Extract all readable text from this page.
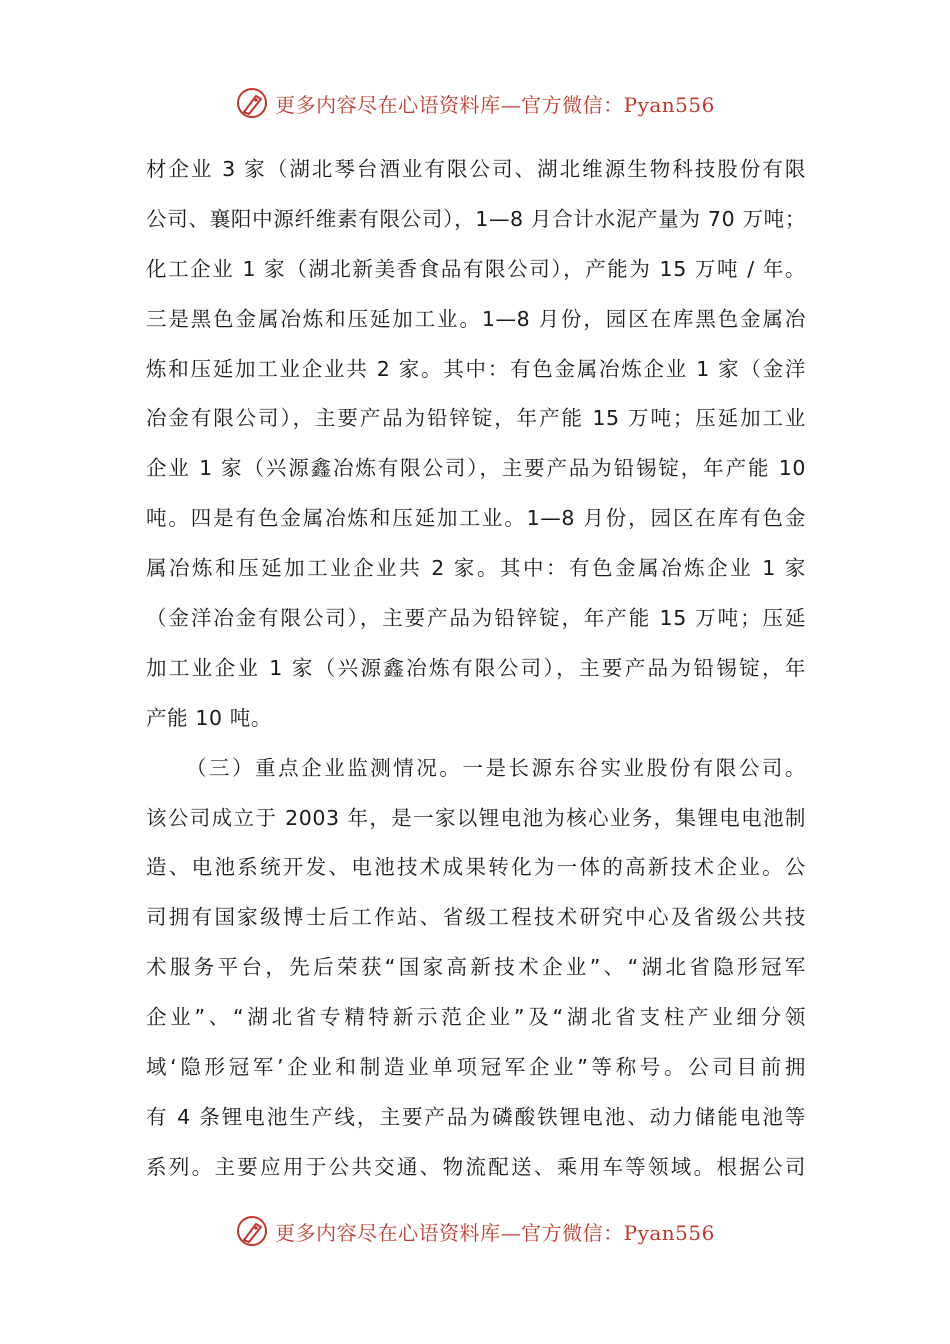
更多内容尽在心语资料库—官方微信：Pyan556
材企业 3 家（湖北琴台酒业有限公司、湖北维源生物科技股份有限
公司、襄阳中源纤维素有限公司），1—8 月合计水泥产量为 70 万吨；
化工企业 1 家（湖北新美香食品有限公司），产能为 15 万吨 / 年。
三是黑色金属冶炼和压延加工业。1—8 月份，园区在库黑色金属冶
炼和压延加工业企业共 2 家。其中：有色金属冶炼企业 1 家（金洋
冶金有限公司），主要产品为铅锌锭，年产能 15 万吨；压延加工业
企业 1 家（兴源鑫冶炼有限公司），主要产品为铅锡锭，年产能 10
吨。四是有色金属冶炼和压延加工业。1—8 月份，园区在库有色金
属冶炼和压延加工业企业共 2 家。其中：有色金属冶炼企业 1 家
（金洋冶金有限公司），主要产品为铅锌锭，年产能 15 万吨；压延
加工业企业 1 家（兴源鑫冶炼有限公司），主要产品为铅锡锭，年
产能 10 吨。
（三）重点企业监测情况。一是长源东谷实业股份有限公司。
该公司成立于 2003 年，是一家以锂电池为核心业务，集锂电电池制
造、电池系统开发、电池技术成果转化为一体的高新技术企业。公
司拥有国家级博士后工作站、省级工程技术研究中心及省级公共技
术服务平台，先后荣获“国家高新技术企业”、“湖北省隐形冠军
企业”、“湖北省专精特新示范企业”及“湖北省支柱产业细分领
域‘隐形冠军’企业和制造业单项冠军企业”等称号。公司目前拥
有 4 条锂电池生产线，主要产品为磷酸铁锂电池、动力储能电池等
系列。主要应用于公共交通、物流配送、乘用车等领域。根据公司
更多内容尽在心语资料库—官方微信：Pyan556
